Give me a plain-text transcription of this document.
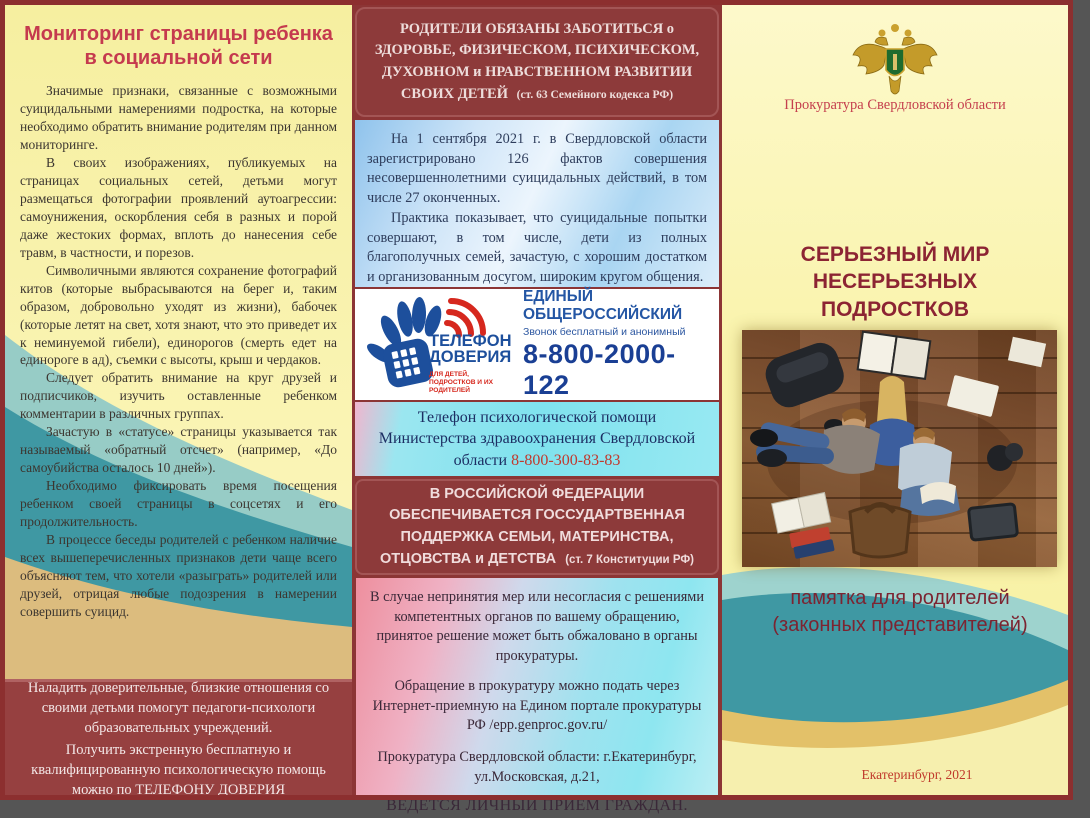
Мониторинг страницы ребенка в социальной сети

Значимые признаки, связанные с возможными суицидальными намерениями подростка, на которые необходимо обратить внимание родителям при данном мониторинге.

В своих изображениях, публикуемых на страницах социальных сетей, детьми могут размещаться фотографии проявлений аутоагрессии: самоунижения, оскорбления себя в разных и порой даже жестоких формах, вплоть до нанесения себе травм, в частности, и порезов.

Символичными являются сохранение фотографий китов (которые выбрасываются на берег и, таким образом, добровольно уходят из жизни), бабочек (которые летят на свет, хотя знают, что это приведет их к неминуемой гибели), единорогов (смерть едет на единороге в ад), съемки с высоты, крыш и чердаков.

Следует обратить внимание на круг друзей и подписчиков, изучить оставленные ребенком комментарии в различных группах.

Зачастую в «статусе» страницы указывается так называемый «обратный отсчет» (например, «До самоубийства осталось 10 дней»).

Необходимо фиксировать время посещения ребенком своей страницы в соцсетях и его продолжительность.

В процессе беседы родителей с ребенком наличие всех вышеперечисленных признаков дети чаще всего объясняют тем, что хотели «разыграть» родителей или друзей, отрицая любые подозрения в намерении совершить суицид.

Наладить доверительные, близкие отношения со своими детьми помогут педагоги-психологи образовательных учреждений.

Получить экстренную бесплатную и квалифицированную психологическую помощь можно по ТЕЛЕФОНУ ДОВЕРИЯ

РОДИТЕЛИ ОБЯЗАНЫ ЗАБОТИТЬСЯ о ЗДОРОВЬЕ, ФИЗИЧЕСКОМ, ПСИХИЧЕСКОМ, ДУХОВНОМ и НРАВСТВЕННОМ РАЗВИТИИ СВОИХ ДЕТЕЙ (ст. 63 Семейного кодекса РФ)

На 1 сентября 2021 г. в Свердловской области зарегистрировано 126 фактов совершения несовершеннолетними суицидальных действий, в том числе 27 оконченных.

Практика показывает, что суицидальные попытки совершают, в том числе, дети из полных благополучных семей, зачастую, с хорошим достатком и организованным досугом, широким кругом общения.

ТЕЛЕФОН
ДОВЕРИЯ
ДЛЯ ДЕТЕЙ, ПОДРОСТКОВ И ИХ РОДИТЕЛЕЙ
ЕДИНЫЙ ОБЩЕРОССИЙСКИЙ
Звонок бесплатный и анонимный
8-800-2000-122
Телефон психологической помощи Министерства здравоохранения Свердловской области 8-800-300-83-83
В РОССИЙСКОЙ ФЕДЕРАЦИИ ОБЕСПЕЧИВАЕТСЯ ГОССУДАРТВЕННАЯ ПОДДЕРЖКА СЕМЬИ, МАТЕРИНСТВА, ОТЦОВСТВА и ДЕТСТВА (ст. 7 Конституции РФ)

В случае непринятия мер или несогласия с решениями компетентных органов по вашему обращению, принятое решение может быть обжаловано в органы прокуратуры.

Обращение в прокуратуру можно подать через Интернет-приемную на Едином портале прокуратуры РФ /epp.genproc.gov.ru/

Прокуратура Свердловской области: г.Екатеринбург, ул.Московская, д.21,

ВЕДЕТСЯ ЛИЧНЫЙ ПРИЕМ ГРАЖДАН.

Прокуратура Свердловской области
СЕРЬЕЗНЫЙ МИР НЕСЕРЬЕЗНЫХ ПОДРОСТКОВ
памятка для родителей (законных представителей)
Екатеринбург, 2021
